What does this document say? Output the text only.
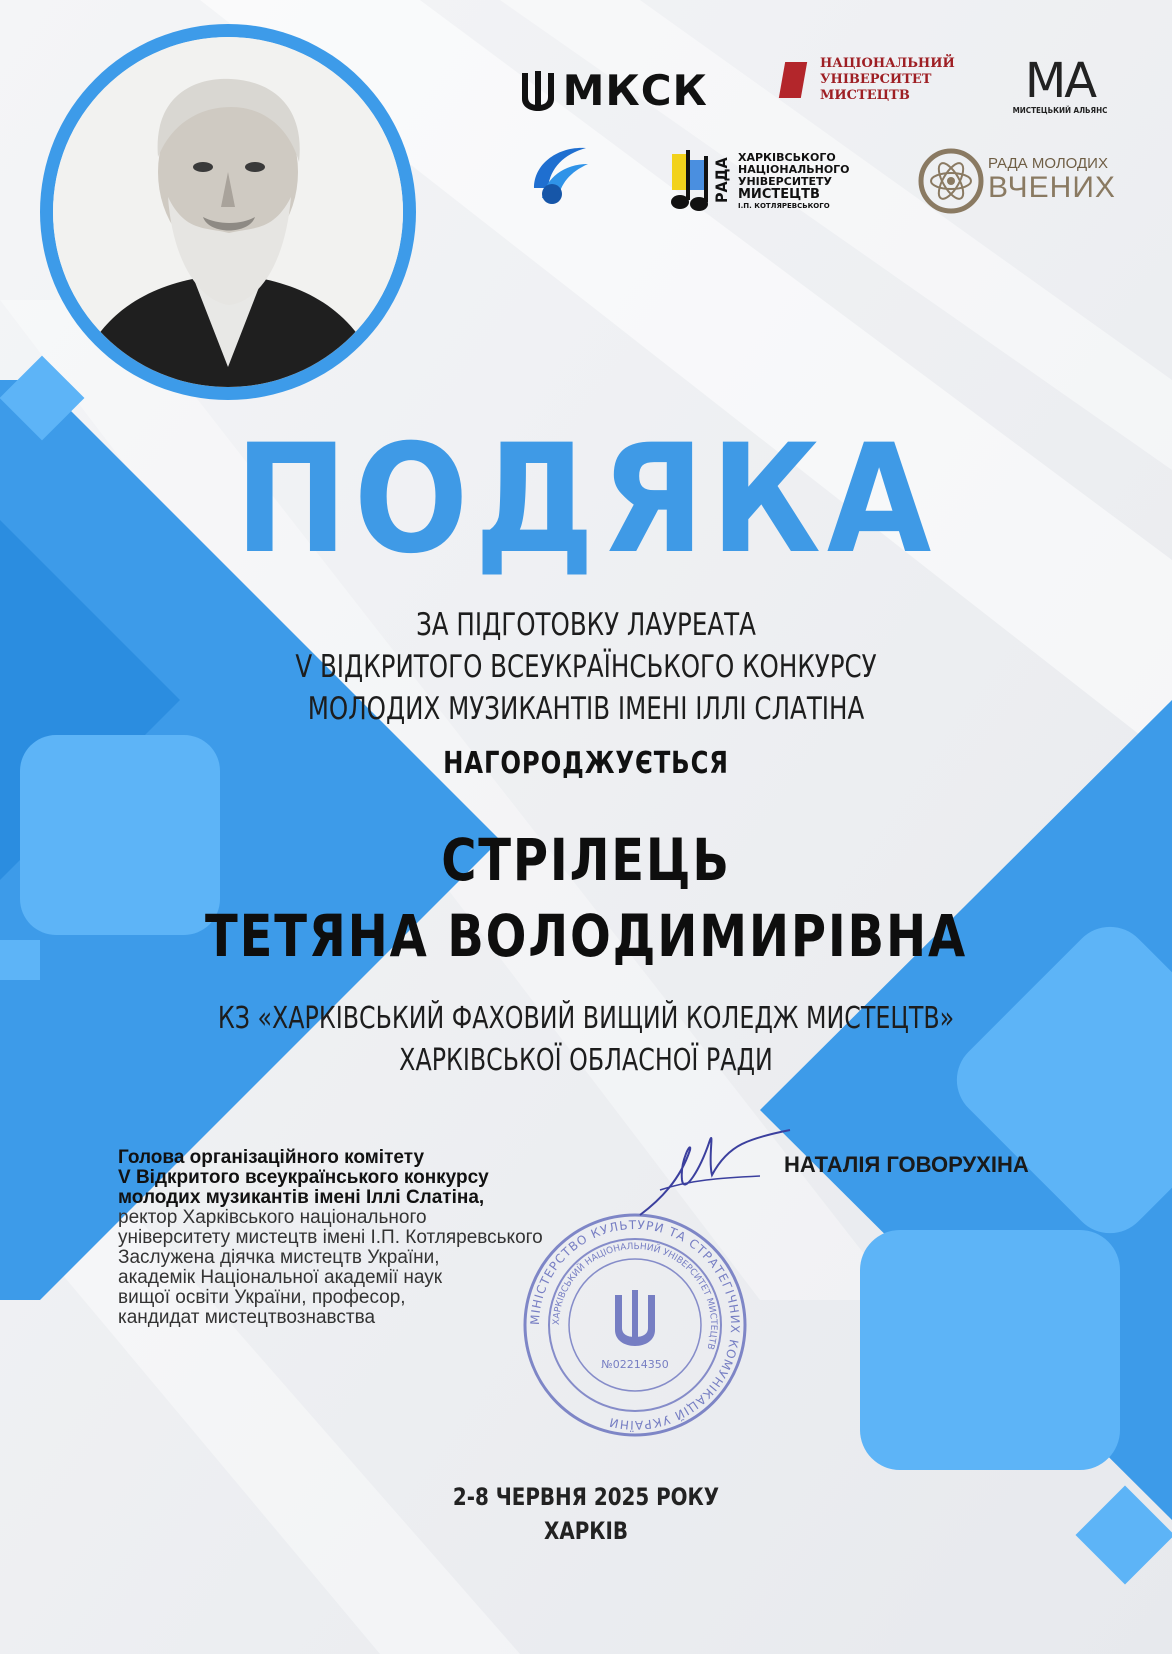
МКСК
НАЦІОНАЛЬНИЙ
УНІВЕРСИТЕТ
МИСТЕЦТВ	MA
МИСТЕЦЬКИЙ АЛЬЯНС
РАДА ХАРКІВСЬКОГО
НАЦІОНАЛЬНОГО
УНІВЕРСИТЕТУ
МИСТЕЦТВ
І.П. КОТЛЯРЕВСЬКОГО
РАДА МОЛОДИХ
ВЧЕНИХ
ПОДЯКА
ЗА ПІДГОТОВКУ ЛАУРЕАТА
V ВІДКРИТОГО ВСЕУКРАЇНСЬКОГО КОНКУРСУ
МОЛОДИХ МУЗИКАНТІВ ІМЕНІ ІЛЛІ СЛАТІНА
НАГОРОДЖУЄТЬСЯ
СТРІЛЕЦЬ
ТЕТЯНА ВОЛОДИМИРІВНА
КЗ «ХАРКІВСЬКИЙ ФАХОВИЙ ВИЩИЙ КОЛЕДЖ МИСТЕЦТВ»
ХАРКІВСЬКОЇ ОБЛАСНОЇ РАДИ
Голова організаційного комітету
V Відкритого всеукраїнського конкурсу
молодих музикантів імені Іллі Слатіна,
ректор Харківського національного
університету мистецтв імені І.П. Котляревського
Заслужена діячка мистецтв України,
академік Національної академії наук
вищої освіти України, професор,
кандидат мистецтвознавства
НАТАЛІЯ ГОВОРУХІНА
МІНІСТЕРСТВО КУЛЬТУРИ ТА СТРАТЕГІЧНИХ КОМУНІКАЦІЙ УКРАЇНИ
ХАРКІВСЬКИЙ НАЦІОНАЛЬНИЙ УНІВЕРСИТЕТ МИСТЕЦТВ
№02214350
2-8 ЧЕРВНЯ 2025 РОКУ
ХАРКІВ
